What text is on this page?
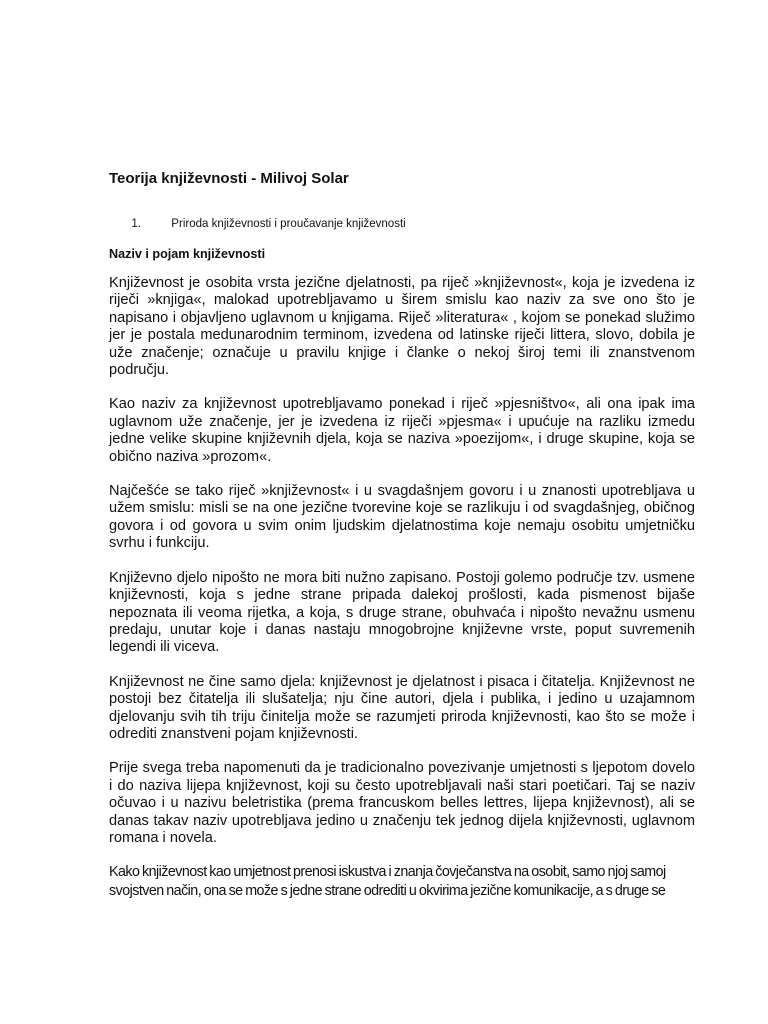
Teorija književnosti - Milivoj Solar
1.	Priroda književnosti i proučavanje književnosti
Naziv i pojam književnosti

Književnost je osobita vrsta jezične djelatnosti, pa riječ »književnost«, koja je izvedena iz riječi »knjiga«, malokad upotrebljavamo u širem smislu kao naziv za sve ono što je napisano i objavljeno uglavnom u knjigama. Riječ »literatura« , kojom se ponekad služimo jer je postala medunarodnim terminom, izvedena od latinske riječi littera, slovo, dobila je uže značenje; označuje u pravilu knjige i članke o nekoj široj temi ili znanstvenom području.

Kao naziv za književnost upotrebljavamo ponekad i riječ »pjesništvo«, ali ona ipak ima uglavnom uže značenje, jer je izvedena iz riječi »pjesma« i upućuje na razliku izmedu jedne velike skupine književnih djela, koja se naziva »poezijom«, i druge skupine, koja se obično naziva »prozom«.

Najčešće se tako riječ »književnost« i u svagdašnjem govoru i u znanosti upotrebljava u užem smislu: misli se na one jezične tvorevine koje se razlikuju i od svagdašnjeg, običnog govora i od govora u svim onim ljudskim djelatnostima koje nemaju osobitu umjetničku svrhu i funkciju.

Književno djelo nipošto ne mora biti nužno zapisano. Postoji golemo područje tzv. usmene književnosti, koja s jedne strane pripada dalekoj prošlosti, kada pismenost bijaše nepoznata ili veoma rijetka, a koja, s druge strane, obuhvaća i nipošto nevažnu usmenu predaju, unutar koje i danas nastaju mnogobrojne književne vrste, poput suvremenih legendi ili viceva.

Književnost ne čine samo djela: književnost je djelatnost i pisaca i čitatelja. Književnost ne postoji bez čitatelja ili slušatelja; nju čine autori, djela i publika, i jedino u uzajamnom djelovanju svih tih triju činitelja može se razumjeti priroda književnosti, kao što se može i odrediti znanstveni pojam književnosti.

Prije svega treba napomenuti da je tradicionalno povezivanje umjetnosti s ljepotom dovelo i do naziva lijepa književnost, koji su često upotrebljavali naši stari poetičari. Taj se naziv očuvao i u nazivu beletristika (prema francuskom belles lettres, lijepa književnost), ali se danas takav naziv upotrebljava jedino u značenju tek jednog dijela književnosti, uglavnom romana i novela.

Kako književnost kao umjetnost prenosi iskustva i znanja čovječanstva na osobit, samo njoj samoj
svojstven način, ona se može s jedne strane odrediti u okvirima jezične komunikacije, a s druge se
